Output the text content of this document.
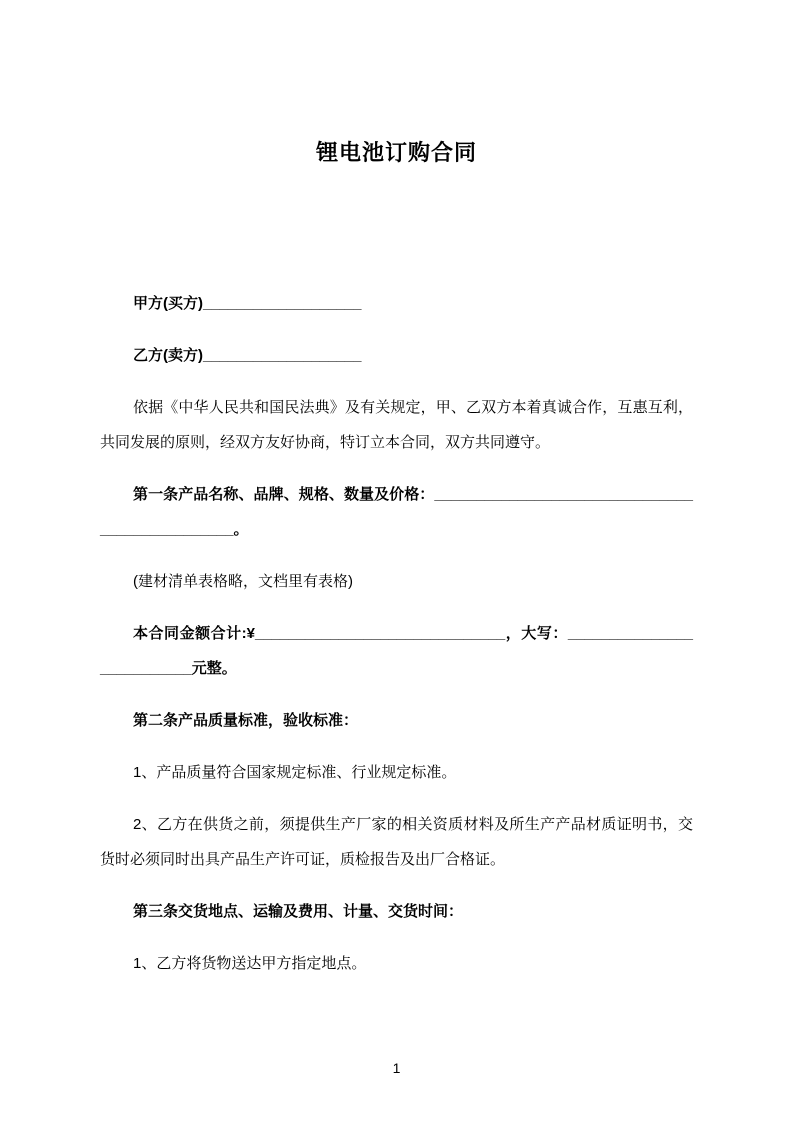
锂电池订购合同

甲方(买方)___________________

乙方(卖方)___________________

依据《中华人民共和国民法典》及有关规定，甲、乙双方本着真诚合作，互惠互利，共同发展的原则，经双方友好协商，特订立本合同，双方共同遵守。

第一条产品名称、品牌、规格、数量及价格：_______________________________________________。

(建材清单表格略，文档里有表格)

本合同金额合计:¥______________________________，大写：__________________________元整。

第二条产品质量标准，验收标准：

1、产品质量符合国家规定标准、行业规定标准。

2、乙方在供货之前，须提供生产厂家的相关资质材料及所生产产品材质证明书，交货时必须同时出具产品生产许可证，质检报告及出厂合格证。

第三条交货地点、运输及费用、计量、交货时间：

1、乙方将货物送达甲方指定地点。

1
